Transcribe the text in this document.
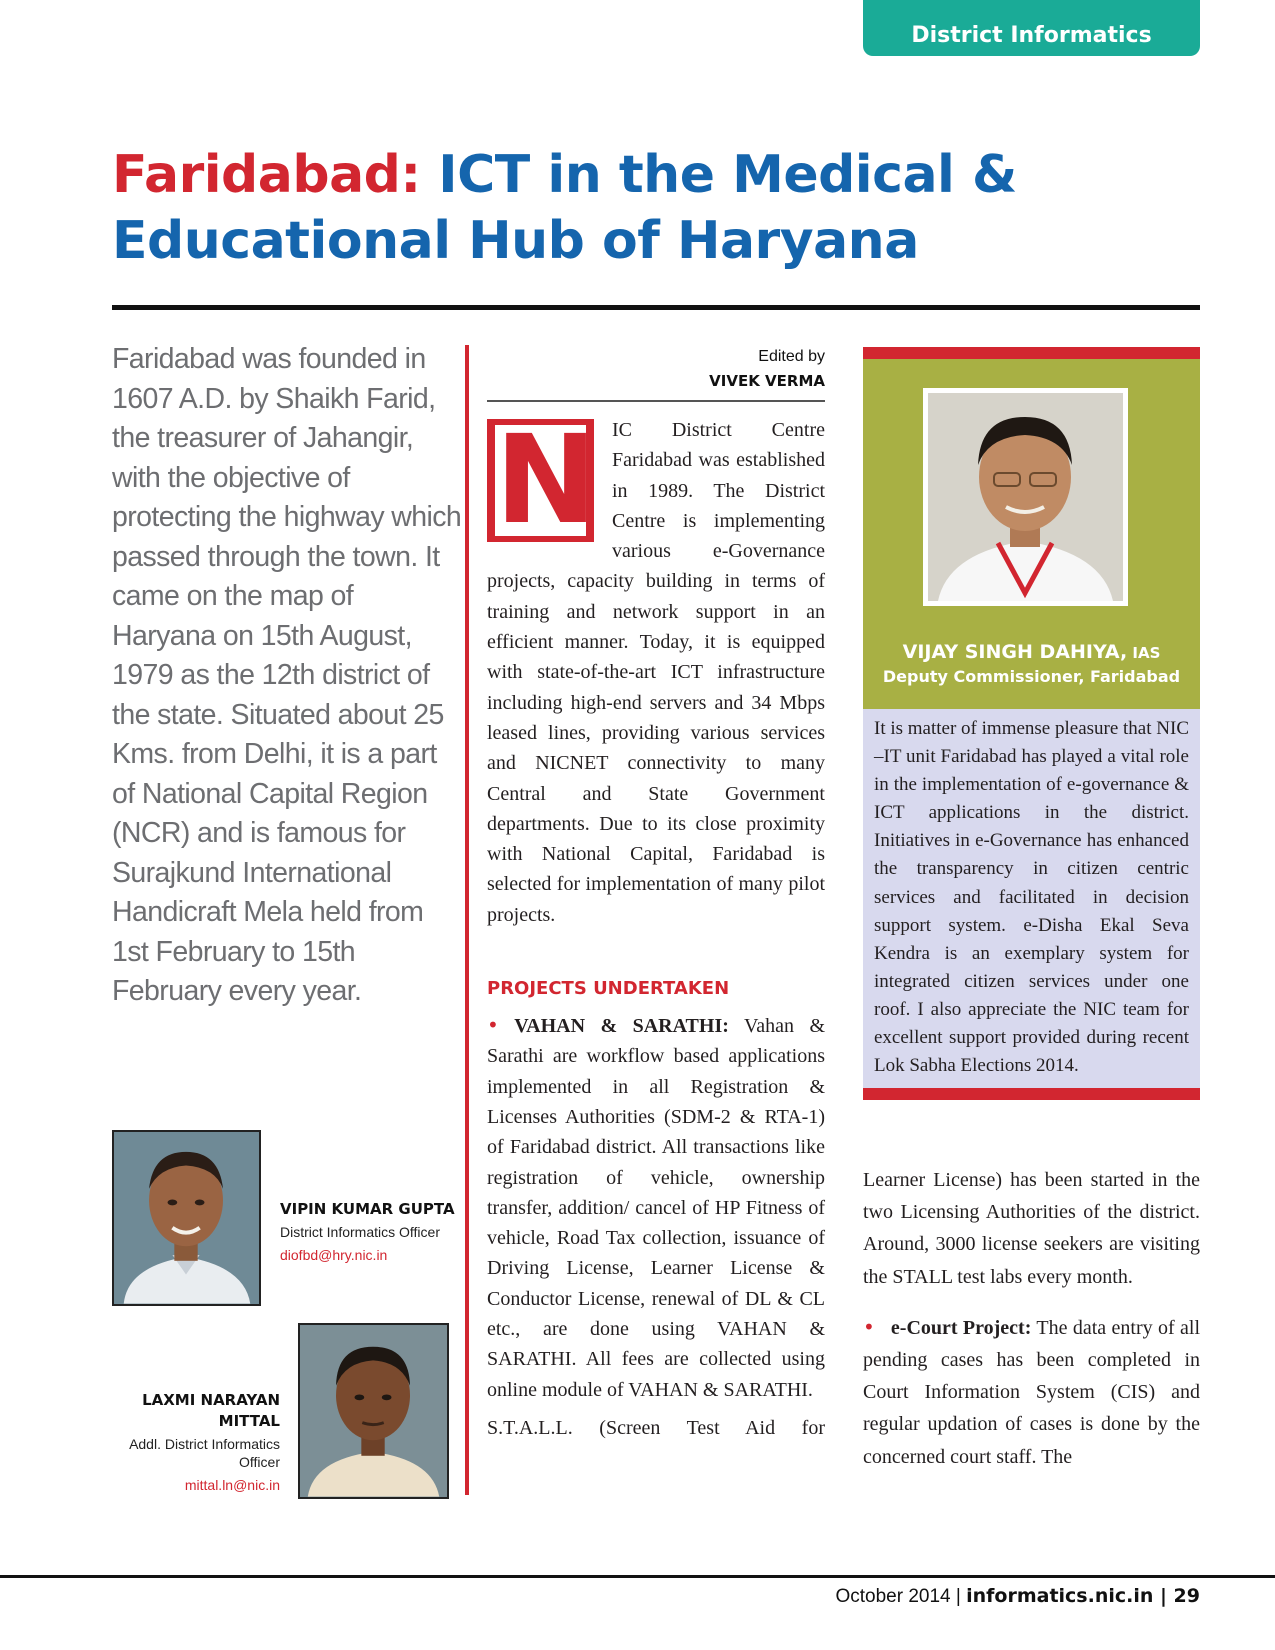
District Informatics
Faridabad: ICT in the Medical & Educational Hub of Haryana
Faridabad was founded in 1607 A.D. by Shaikh Farid, the treasurer of Jahangir, with the objective of protecting the highway which passed through the town. It came on the map of Haryana on 15th August, 1979 as the 12th district of the state. Situated about 25 Kms. from Delhi, it is a part of National Capital Region (NCR) and is famous for Surajkund International Handicraft Mela held from 1st February to 15th February every year.
VIPIN KUMAR GUPTA
District Informatics Officer
diofbd@hry.nic.in
LAXMI NARAYAN MITTAL
Addl. District Informatics Officer
mittal.ln@nic.in
Edited by
VIVEK VERMA
N	IC District Centre Faridabad was established in 1989. The District Centre is implementing various e-Governance projects, capacity building in terms of training and network support in an efficient manner. Today, it is equipped with state-of-the-art ICT infrastructure including high-end servers and 34 Mbps leased lines, providing various services and NICNET connectivity to many Central and State Government departments. Due to its close proximity with National Capital, Faridabad is selected for implementation of many pilot projects.

PROJECTS UNDERTAKEN

• VAHAN & SARATHI: Vahan & Sarathi are workflow based applications implemented in all Registration & Licenses Authorities (SDM-2 & RTA-1) of Faridabad district. All transactions like registration of vehicle, ownership transfer, addition/ cancel of HP Fitness of vehicle, Road Tax collection, issuance of Driving License, Learner License & Conductor License, renewal of DL & CL etc., are done using VAHAN & SARATHI. All fees are collected using online module of VAHAN & SARATHI.

S.T.A.L.L. (Screen Test Aid for

VIJAY SINGH DAHIYA, IAS
Deputy Commissioner, Faridabad
It is matter of immense pleasure that NIC –IT unit Faridabad has played a vital role in the implementation of e-governance & ICT applications in the district. Initiatives in e-Governance has enhanced the transparency in citizen centric services and facilitated in decision support system. e-Disha Ekal Seva Kendra is an exemplary system for integrated citizen services under one roof. I also appreciate the NIC team for excellent support provided during recent Lok Sabha Elections 2014.

Learner License) has been started in the two Licensing Authorities of the district. Around, 3000 license seekers are visiting the STALL test labs every month.

• e-Court Project: The data entry of all pending cases has been completed in Court Information System (CIS) and regular updation of cases is done by the concerned court staff. The

October 2014 | informatics.nic.in | 29
